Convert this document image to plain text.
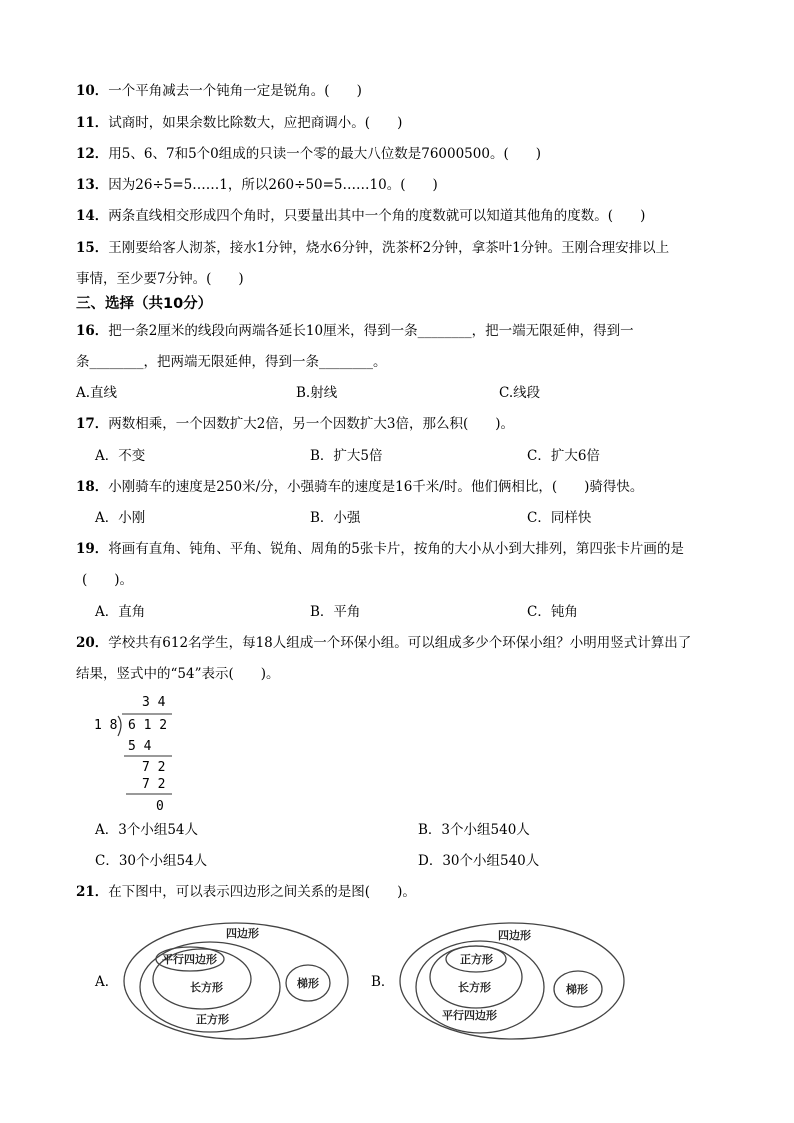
10．一个平角减去一个钝角一定是锐角。(　　)
11．试商时，如果余数比除数大，应把商调小。(　　)
12．用5、6、7和5个0组成的只读一个零的最大八位数是76000500。(　　)
13．因为26÷5=5……1，所以260÷50=5……10。(　　)
14．两条直线相交形成四个角时，只要量出其中一个角的度数就可以知道其他角的度数。(　　)
15．王刚要给客人沏茶，接水1分钟，烧水6分钟，洗茶杯2分钟，拿茶叶1分钟。王刚合理安排以上
事情，至少要7分钟。(　　)
三、选择（共10分）
16．把一条2厘米的线段向两端各延长10厘米，得到一条________，把一端无限延伸，得到一
条________，把两端无限延伸，得到一条________。
A.直线	B.射线	C.线段
17．两数相乘，一个因数扩大2倍，另一个因数扩大3倍，那么积(　　)。
A．不变	B．扩大5倍	C．扩大6倍
18．小刚骑车的速度是250米/分，小强骑车的速度是16千米/时。他们俩相比，(　　)骑得快。
A．小刚	B．小强	C．同样快
19．将画有直角、钝角、平角、锐角、周角的5张卡片，按角的大小从小到大排列，第四张卡片画的是
(　　)。
A．直角	B．平角	C．钝角
20．学校共有612名学生，每18人组成一个环保小组。可以组成多少个环保小组？小明用竖式计算出了
结果，竖式中的“54”表示(　　)。
3 4
1 8 6 1 2
5 4
7 2
7 2
0
A．3个小组54人	B．3个小组540人
C．30个小组54人	D．30个小组540人
21．在下图中，可以表示四边形之间关系的是图(　　)。
A．
四边形
平行四边形
长方形
正方形
梯形	B．
四边形
正方形
长方形
平行四边形
梯形
